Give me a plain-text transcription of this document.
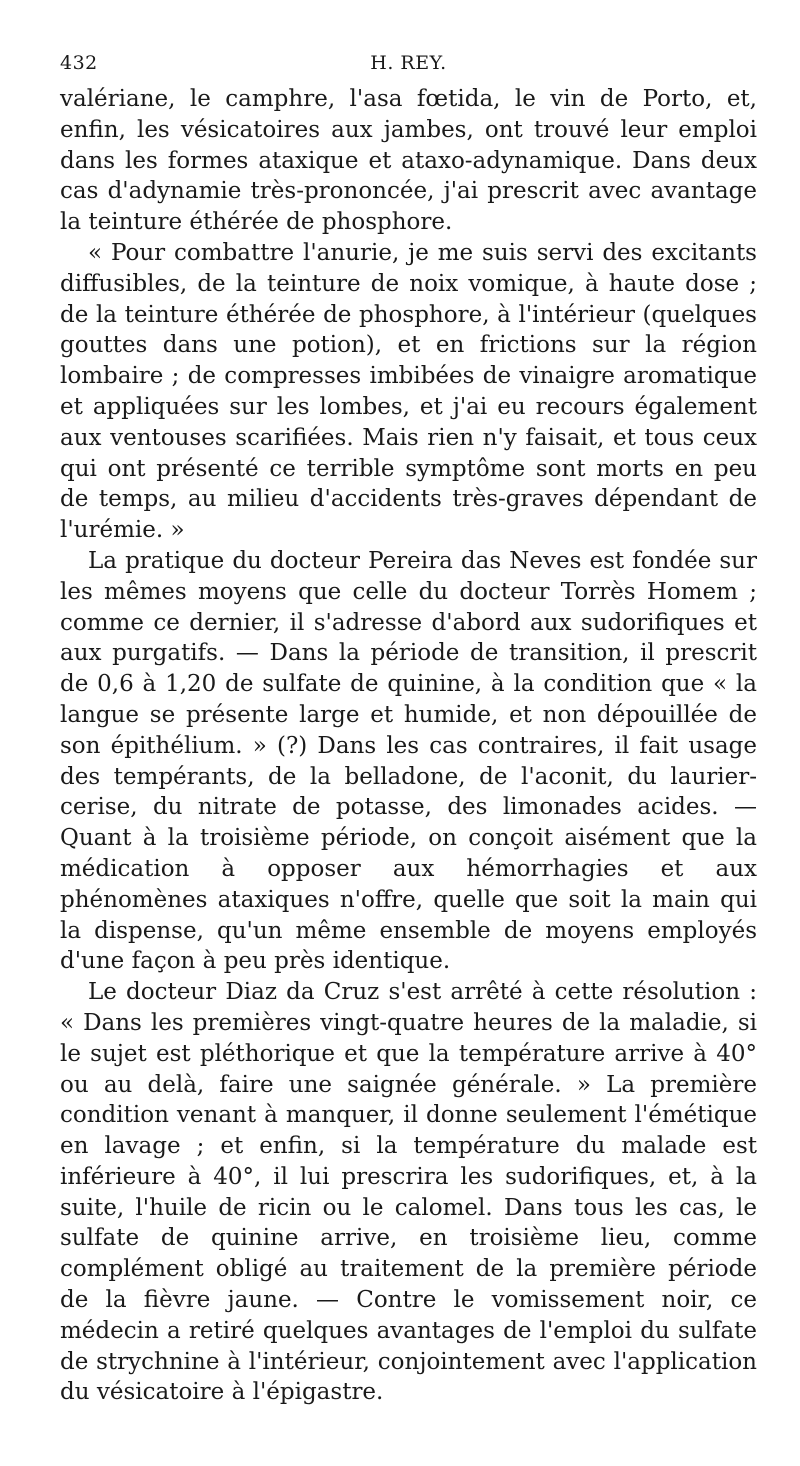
432	H. REY.

valériane, le camphre, l'asa fœtida, le vin de Porto, et, enfin, les vésicatoires aux jambes, ont trouvé leur emploi dans les formes ataxique et ataxo-adynamique. Dans deux cas d'adynamie très-prononcée, j'ai prescrit avec avantage la teinture éthérée de phosphore.

« Pour combattre l'anurie, je me suis servi des excitants diffusibles, de la teinture de noix vomique, à haute dose ; de la teinture éthérée de phosphore, à l'intérieur (quelques gouttes dans une potion), et en frictions sur la région lombaire ; de compresses imbibées de vinaigre aromatique et appliquées sur les lombes, et j'ai eu recours également aux ventouses scarifiées. Mais rien n'y faisait, et tous ceux qui ont présenté ce terrible symptôme sont morts en peu de temps, au milieu d'accidents très-graves dépendant de l'urémie. »

La pratique du docteur Pereira das Neves est fondée sur les mêmes moyens que celle du docteur Torrès Homem ; comme ce dernier, il s'adresse d'abord aux sudorifiques et aux purgatifs. — Dans la période de transition, il prescrit de 0,6 à 1,20 de sulfate de quinine, à la condition que « la langue se présente large et humide, et non dépouillée de son épithélium. » (?) Dans les cas contraires, il fait usage des tempérants, de la belladone, de l'aconit, du laurier-cerise, du nitrate de potasse, des limonades acides. — Quant à la troisième période, on conçoit aisément que la médication à opposer aux hémorrhagies et aux phénomènes ataxiques n'offre, quelle que soit la main qui la dispense, qu'un même ensemble de moyens employés d'une façon à peu près identique.

Le docteur Diaz da Cruz s'est arrêté à cette résolution : « Dans les premières vingt-quatre heures de la maladie, si le sujet est pléthorique et que la température arrive à 40° ou au delà, faire une saignée générale. » La première condition venant à manquer, il donne seulement l'émétique en lavage ; et enfin, si la température du malade est inférieure à 40°, il lui prescrira les sudorifiques, et, à la suite, l'huile de ricin ou le calomel. Dans tous les cas, le sulfate de quinine arrive, en troisième lieu, comme complément obligé au traitement de la première période de la fièvre jaune. — Contre le vomissement noir, ce médecin a retiré quelques avantages de l'emploi du sulfate de strychnine à l'intérieur, conjointement avec l'application du vésicatoire à l'épigastre.
